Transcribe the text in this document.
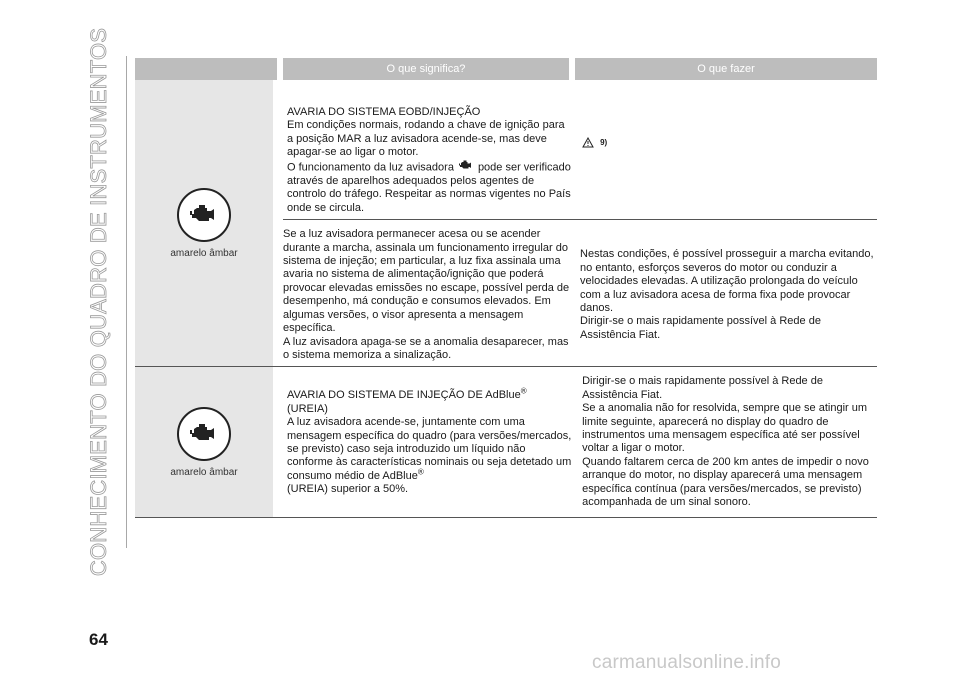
CONHECIMENTO DO QUADRO DE INSTRUMENTOS	O que significa?	O que fazer
amarelo âmbar

AVARIA DO SISTEMA EOBD/INJEÇÃO

Em condições normais, rodando a chave de ignição para a posição MAR a luz avisadora acende-se, mas deve apagar-se ao ligar o motor.

O funcionamento da luz avisadora pode ser verificado através de aparelhos adequados pelos agentes de controlo do tráfego. Respeitar as normas vigentes no País onde se circula.

9)

Se a luz avisadora permanecer acesa ou se acender durante a marcha, assinala um funcionamento irregular do sistema de injeção; em particular, a luz fixa assinala uma avaria no sistema de alimentação/ignição que poderá provocar elevadas emissões no escape, possível perda de desempenho, má condução e consumos elevados. Em algumas versões, o visor apresenta a mensagem específica.

A luz avisadora apaga-se se a anomalia desaparecer, mas o sistema memoriza a sinalização.

Nestas condições, é possível prosseguir a marcha evitando, no entanto, esforços severos do motor ou conduzir a velocidades elevadas. A utilização prolongada do veículo com a luz avisadora acesa de forma fixa pode provocar danos.

Dirigir-se o mais rapidamente possível à Rede de Assistência Fiat.

amarelo âmbar

AVARIA DO SISTEMA DE INJEÇÃO DE AdBlue®

(UREIA)

A luz avisadora acende-se, juntamente com uma mensagem específica do quadro (para versões/mercados, se previsto) caso seja introduzido um líquido não conforme às características nominais ou seja detetado um consumo médio de AdBlue®

(UREIA) superior a 50%.

Dirigir-se o mais rapidamente possível à Rede de Assistência Fiat.

Se a anomalia não for resolvida, sempre que se atingir um limite seguinte, aparecerá no display do quadro de instrumentos uma mensagem específica até ser possível voltar a ligar o motor.

Quando faltarem cerca de 200 km antes de impedir o novo arranque do motor, no display aparecerá uma mensagem específica contínua (para versões/mercados, se previsto) acompanhada de um sinal sonoro.

64
carmanualsonline.info
